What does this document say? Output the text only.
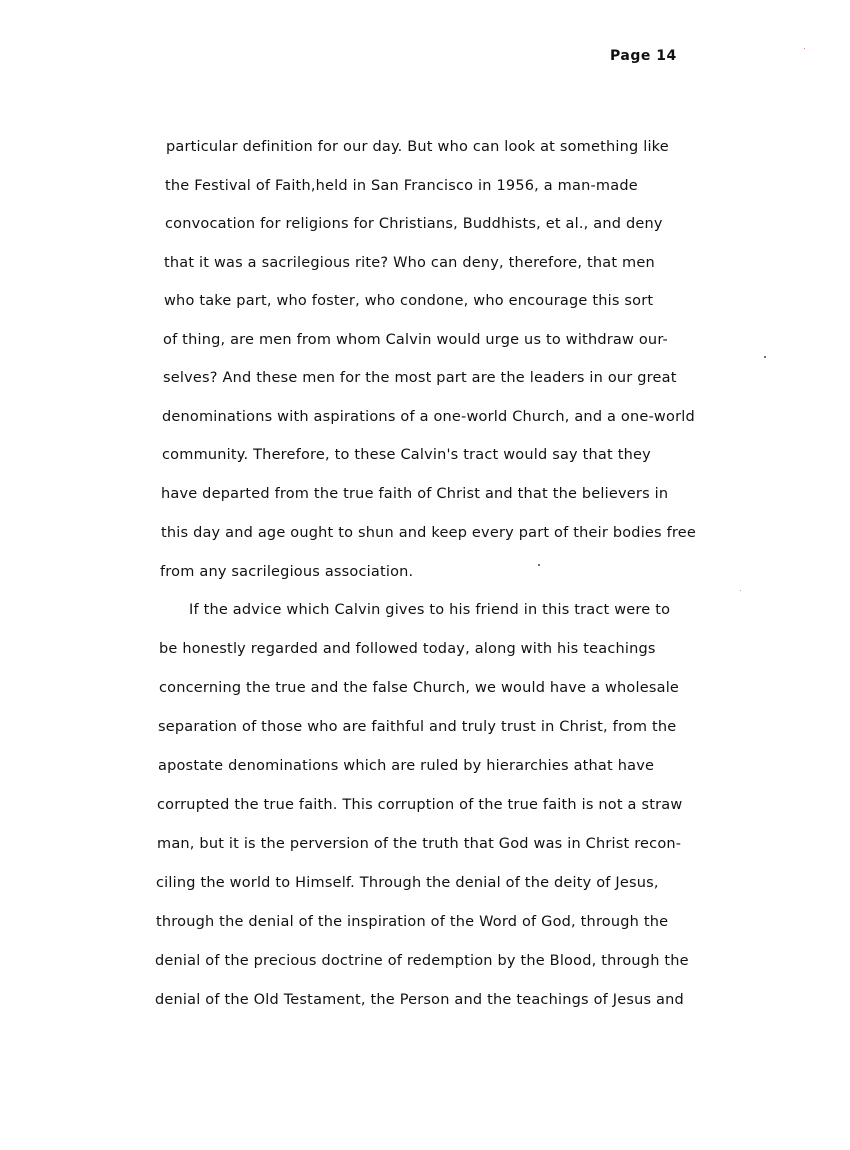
Page 14
particular definition for our day. But who can look at something like
the Festival of Faith,held in San Francisco in 1956, a man-made
convocation for religions for Christians, Buddhists, et al., and deny
that it was a sacrilegious rite? Who can deny, therefore, that men
who take part, who foster, who condone, who encourage this sort
of thing, are men from whom Calvin would urge us to withdraw our-
selves? And these men for the most part are the leaders in our great
denominations with aspirations of a one-world Church, and a one-world
community. Therefore, to these Calvin's tract would say that they
have departed from the true faith of Christ and that the believers in
this day and age ought to shun and keep every part of their bodies free
from any sacrilegious association.
If the advice which Calvin gives to his friend in this tract were to
be honestly regarded and followed today, along with his teachings
concerning the true and the false Church, we would have a wholesale
separation of those who are faithful and truly trust in Christ, from the
apostate denominations which are ruled by hierarchies athat have
corrupted the true faith. This corruption of the true faith is not a straw
man, but it is the perversion of the truth that God was in Christ recon-
ciling the world to Himself. Through the denial of the deity of Jesus,
through the denial of the inspiration of the Word of God, through the
denial of the precious doctrine of redemption by the Blood, through the
denial of the Old Testament, the Person and the teachings of Jesus and
